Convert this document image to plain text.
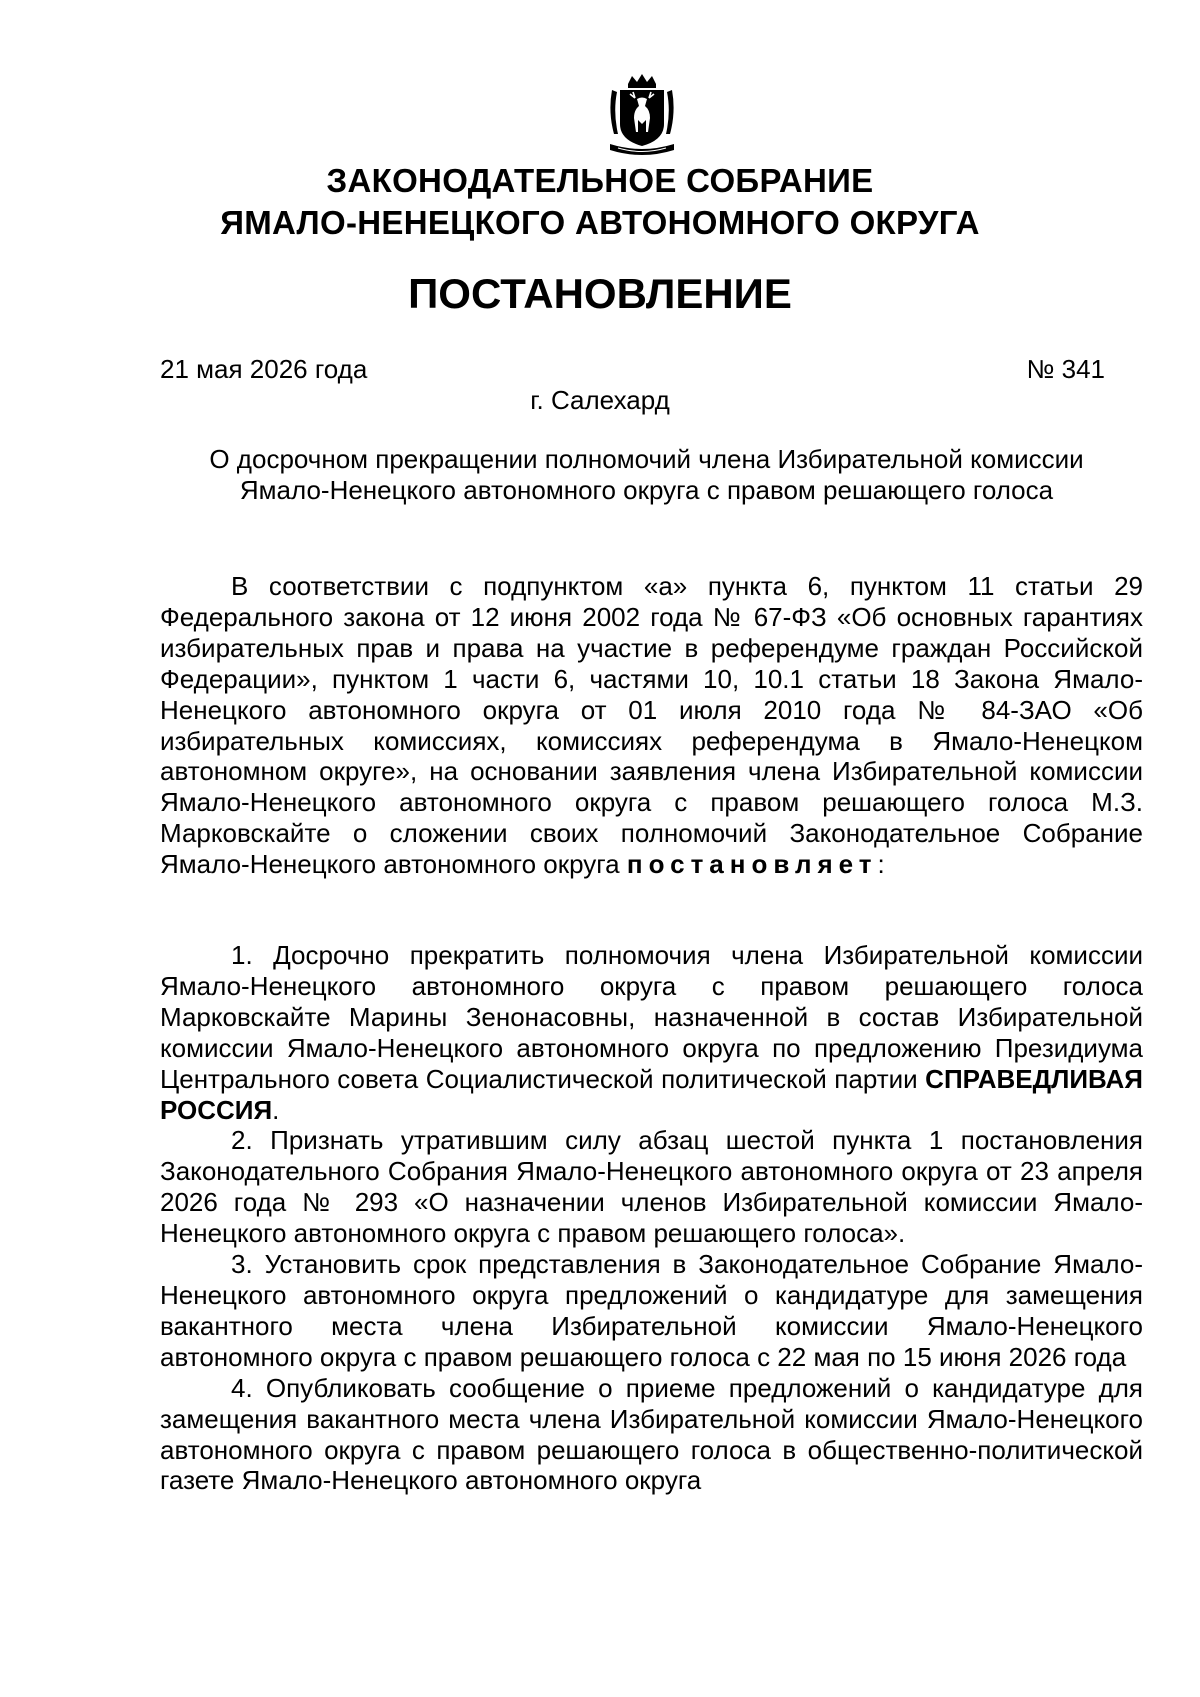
ЗАКОНОДАТЕЛЬНОЕ СОБРАНИЕ
ЯМАЛО-НЕНЕЦКОГО АВТОНОМНОГО ОКРУГА
ПОСТАНОВЛЕНИЕ
21 мая 2026 года	№ 341
г. Салехард
О досрочном прекращении полномочий члена Избирательной комиссии
Ямало-Ненецкого автономного округа с правом решающего голоса

В соответствии с подпунктом «а» пункта 6, пунктом 11 статьи 29 Федерального закона от 12 июня 2002 года № 67-ФЗ «Об основных гарантиях избирательных прав и права на участие в референдуме граждан Российской Федерации», пунктом 1 части 6, частями 10, 10.1 статьи 18 Закона Ямало-Ненецкого автономного округа от 01 июля 2010 года № 84-ЗАО «Об избирательных комиссиях, комиссиях референдума в Ямало-Ненецком автономном округе», на основании заявления члена Избирательной комиссии Ямало-Ненецкого автономного округа с правом решающего голоса М.З. Марковскайте о сложении своих полномочий Законодательное Собрание Ямало-Ненецкого автономного округа постановляет:

1. Досрочно прекратить полномочия члена Избирательной комиссии Ямало-Ненецкого автономного округа с правом решающего голоса Марковскайте Марины Зенонасовны, назначенной в состав Избирательной комиссии Ямало-Ненецкого автономного округа по предложению Президиума Центрального совета Социалистической политической партии СПРАВЕДЛИВАЯ РОССИЯ.

2. Признать утратившим силу абзац шестой пункта 1 постановления Законодательного Собрания Ямало-Ненецкого автономного округа от 23 апреля 2026 года № 293 «О назначении членов Избирательной комиссии Ямало-Ненецкого автономного округа с правом решающего голоса».

3. Установить срок представления в Законодательное Собрание Ямало-Ненецкого автономного округа предложений о кандидатуре для замещения вакантного места члена Избирательной комиссии Ямало-Ненецкого автономного округа с правом решающего голоса с 22 мая по 15 июня 2026 года

4. Опубликовать сообщение о приеме предложений о кандидатуре для замещения вакантного места члена Избирательной комиссии Ямало-Ненецкого автономного округа с правом решающего голоса в общественно-политической газете Ямало-Ненецкого автономного округа
